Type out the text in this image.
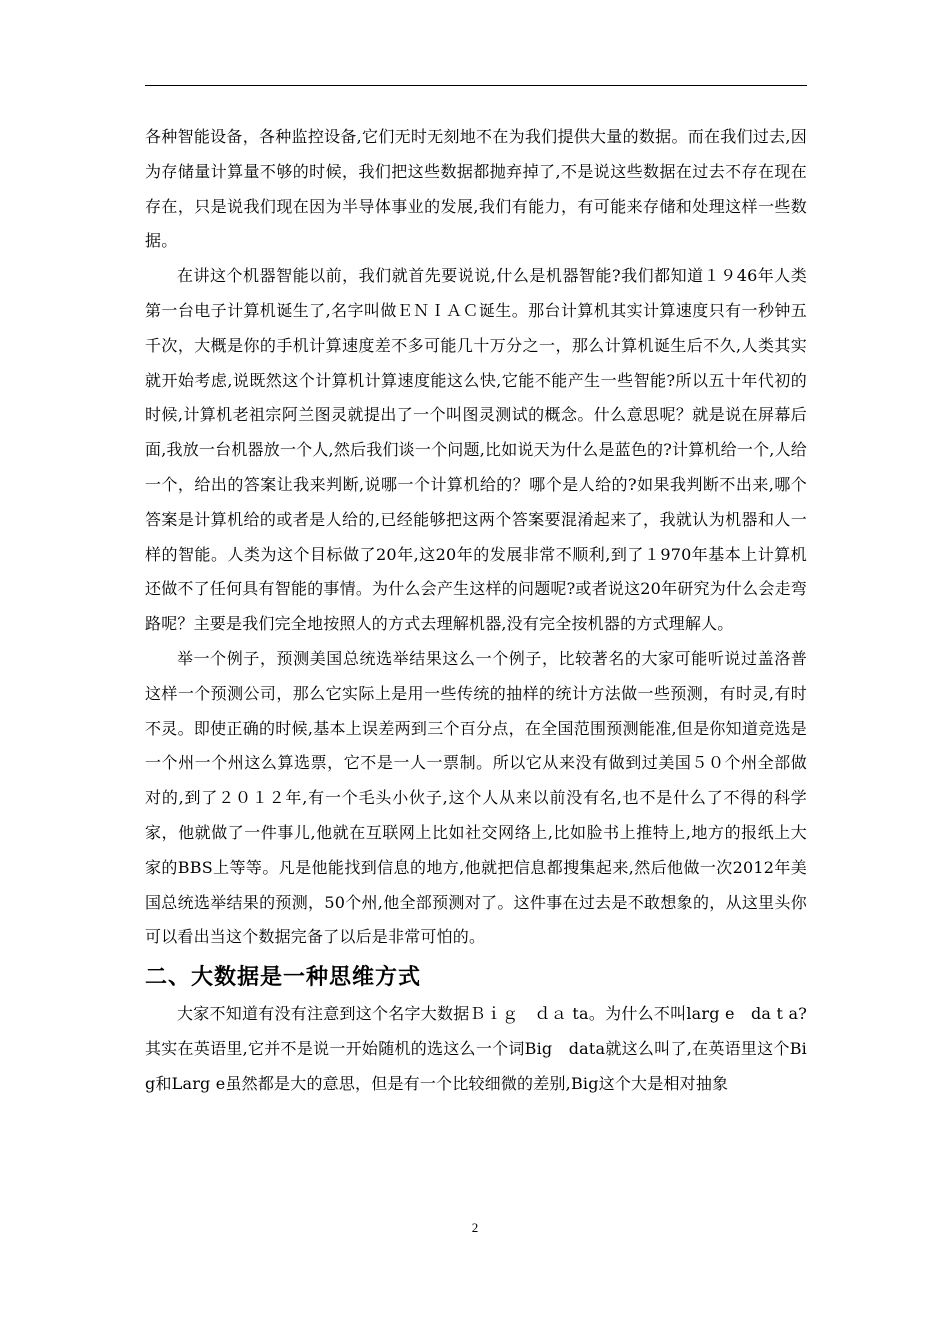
各种智能设备，各种监控设备,它们无时无刻地不在为我们提供大量的数据。而在我们过去,因为存储量计算量不够的时候，我们把这些数据都抛弃掉了,不是说这些数据在过去不存在现在存在，只是说我们现在因为半导体事业的发展,我们有能力，有可能来存储和处理这样一些数据。

在讲这个机器智能以前，我们就首先要说说,什么是机器智能?我们都知道１９46年人类第一台电子计算机诞生了,名字叫做ＥＮＩＡＣ诞生。那台计算机其实计算速度只有一秒钟五千次，大概是你的手机计算速度差不多可能几十万分之一，那么计算机诞生后不久,人类其实就开始考虑,说既然这个计算机计算速度能这么快,它能不能产生一些智能?所以五十年代初的时候,计算机老祖宗阿兰图灵就提出了一个叫图灵测试的概念。什么意思呢？就是说在屏幕后面,我放一台机器放一个人,然后我们谈一个问题,比如说天为什么是蓝色的?计算机给一个,人给一个，给出的答案让我来判断,说哪一个计算机给的？哪个是人给的?如果我判断不出来,哪个答案是计算机给的或者是人给的,已经能够把这两个答案要混淆起来了，我就认为机器和人一样的智能。人类为这个目标做了20年,这20年的发展非常不顺利,到了１970年基本上计算机还做不了任何具有智能的事情。为什么会产生这样的问题呢?或者说这20年研究为什么会走弯路呢？主要是我们完全地按照人的方式去理解机器,没有完全按机器的方式理解人。

举一个例子，预测美国总统选举结果这么一个例子，比较著名的大家可能听说过盖洛普这样一个预测公司，那么它实际上是用一些传统的抽样的统计方法做一些预测，有时灵,有时不灵。即使正确的时候,基本上误差两到三个百分点，在全国范围预测能准,但是你知道竞选是一个州一个州这么算选票，它不是一人一票制。所以它从来没有做到过美国５０个州全部做对的,到了２０１２年,有一个毛头小伙子,这个人从来以前没有名,也不是什么了不得的科学家，他就做了一件事儿,他就在互联网上比如社交网络上,比如脸书上推特上,地方的报纸上大家的BBS上等等。凡是他能找到信息的地方,他就把信息都搜集起来,然后他做一次2012年美国总统选举结果的预测，50个州,他全部预测对了。这件事在过去是不敢想象的，从这里头你可以看出当这个数据完备了以后是非常可怕的。

二、大数据是一种思维方式

大家不知道有没有注意到这个名字大数据Ｂｉｇ　ｄａ ta。为什么不叫larg e　da t a?其实在英语里,它并不是说一开始随机的选这么一个词Big　data就这么叫了,在英语里这个Big和Larg e虽然都是大的意思，但是有一个比较细微的差别,Big这个大是相对抽象

2
